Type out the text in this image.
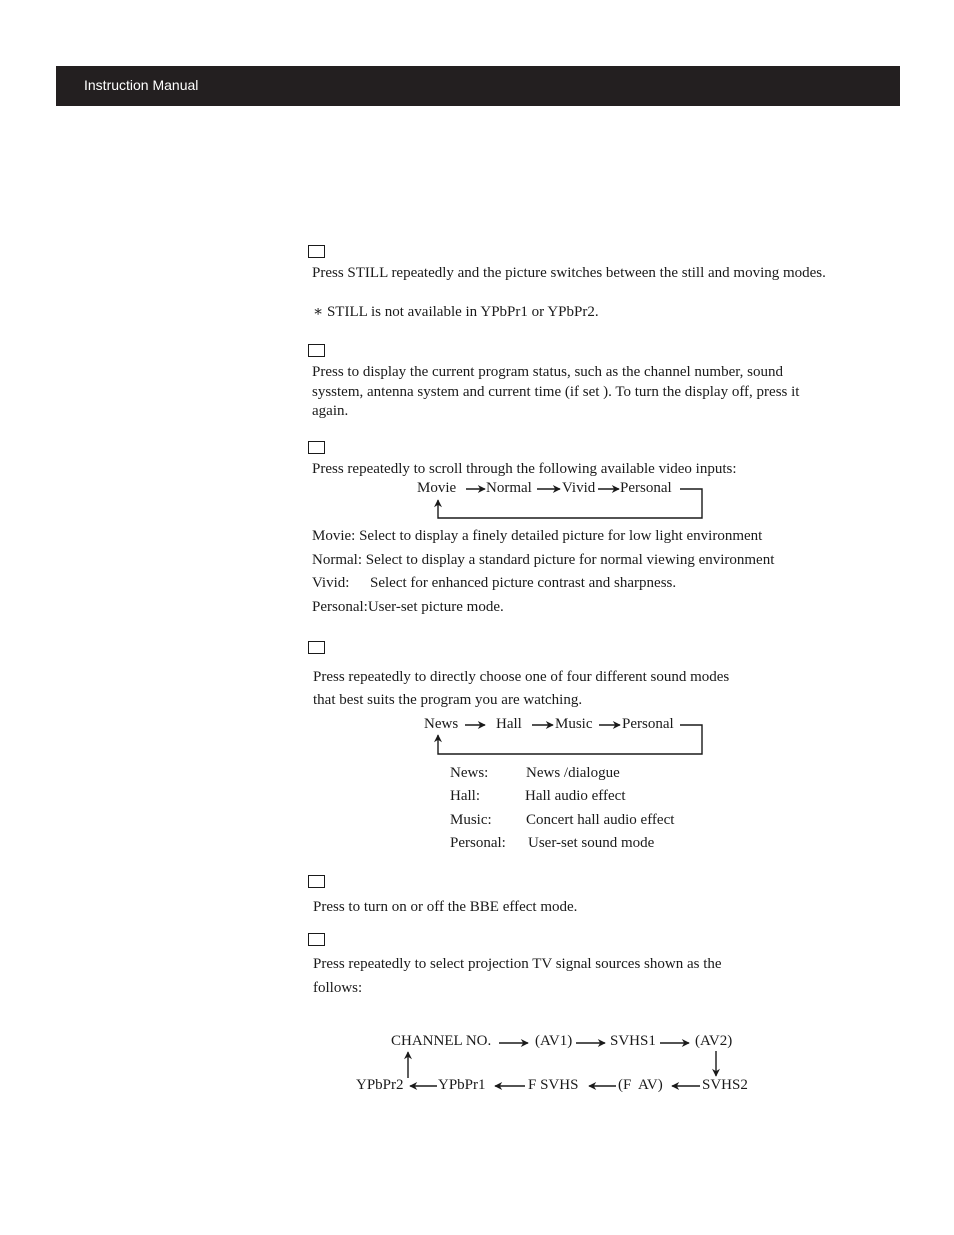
Instruction Manual
Press STILL repeatedly and the picture switches between the still and moving modes.
∗ STILL is not available in YPbPr1 or YPbPr2.
Press to display the current program status, such as the channel number, sound sysstem, antenna system and current time (if set ). To turn the display off, press it again.
Press repeatedly to scroll through the following available video inputs:
Movie Normal Vivid Personal
Movie: Select to display a finely detailed picture for low light environment
Normal: Select to display a standard picture for normal viewing environment
Vivid: Select for enhanced picture contrast and sharpness.
Personal:User-set picture mode.
Press repeatedly to directly choose one of four different sound modes
that best suits the program you are watching.
News	Hall Music Personal
News:	News /dialogue
Hall:	Hall audio effect
Music: Concert hall audio effect
Personal: User-set sound mode
Press to turn on or off the BBE effect mode.
Press repeatedly to select projection TV signal sources shown as the
follows:
CHANNEL NO.	(AV1)	SVHS1	(AV2)
YPbPr2 YPbPr1	F SVHS	(F  AV)	SVHS2
